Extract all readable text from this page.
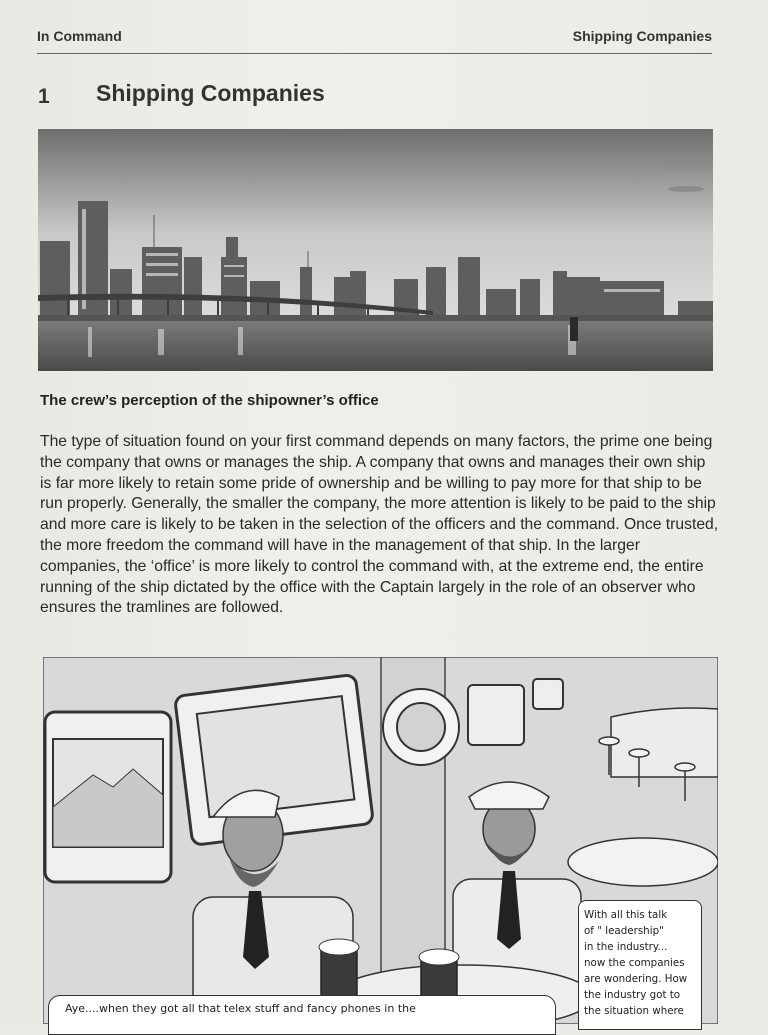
In Command	Shipping Companies
1 Shipping Companies
The crew’s perception of the shipowner’s office
The type of situation found on your first command depends on many factors, the prime one being the company that owns or manages the ship. A company that owns and manages their own ship is far more likely to retain some pride of ownership and be willing to pay more for that ship to be run properly. Generally, the smaller the company, the more attention is likely to be paid to the ship and more care is likely to be taken in the selection of the officers and the command. Once trusted, the more freedom the command will have in the management of that ship. In the larger companies, the ‘office’ is more likely to control the command with, at the extreme end, the entire running of the ship dictated by the office with the Captain largely in the role of an observer who ensures the tramlines are followed.
With all this talk
of " leadership"
in the industry...
now the companies
are wondering. How
the industry got to
the situation where
Aye....when they got all that telex stuff and fancy phones in the
